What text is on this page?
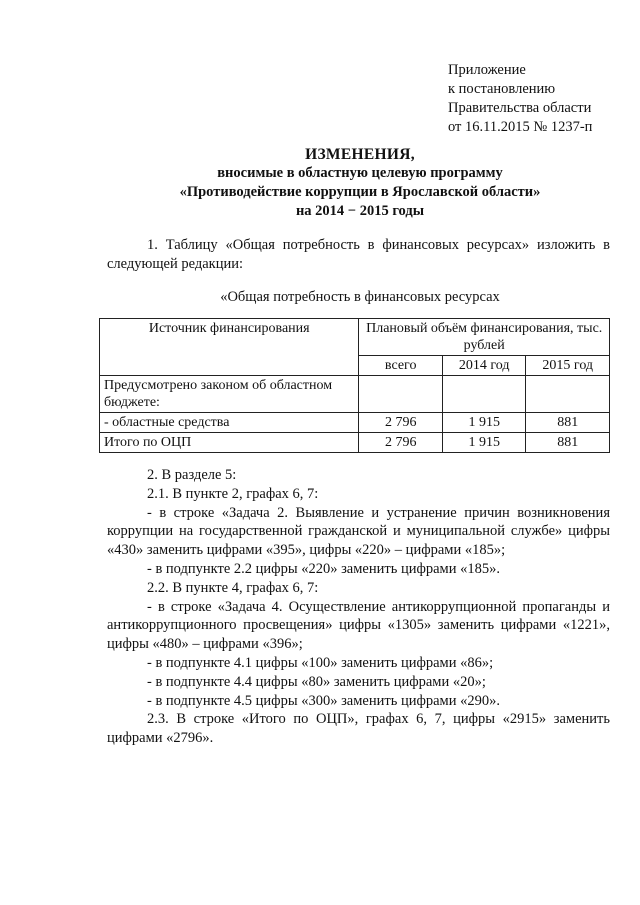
Приложение
к постановлению
Правительства области
от 16.11.2015 № 1237-п
ИЗМЕНЕНИЯ,
вносимые в областную целевую программу
«Противодействие коррупции в Ярославской области»
на 2014 − 2015 годы
1. Таблицу «Общая потребность в финансовых ресурсах» изложить в следующей редакции:
«Общая потребность в финансовых ресурсах
Источник финансирования	Плановый объём финансирования, тыс. рублей		
	всего	2014 год	2015 год
Предусмотрено законом об областном бюджете:			
- областные средства	2 796	1 915	881
Итого по ОЦП	2 796	1 915	881
2. В разделе 5:
2.1. В пункте 2, графах 6, 7:
- в строке «Задача 2. Выявление и устранение причин возникновения коррупции на государственной гражданской и муниципальной службе» цифры «430» заменить цифрами «395», цифры «220» – цифрами «185»;
- в подпункте 2.2 цифры «220» заменить цифрами «185».
2.2. В пункте 4, графах 6, 7:
- в строке «Задача 4. Осуществление антикоррупционной пропаганды и антикоррупционного просвещения» цифры «1305» заменить цифрами «1221», цифры «480» – цифрами «396»;
- в подпункте 4.1 цифры «100» заменить цифрами «86»;
- в подпункте 4.4 цифры «80» заменить цифрами «20»;
- в подпункте 4.5 цифры «300» заменить цифрами «290».
2.3. В строке «Итого по ОЦП», графах 6, 7, цифры «2915» заменить цифрами «2796».
